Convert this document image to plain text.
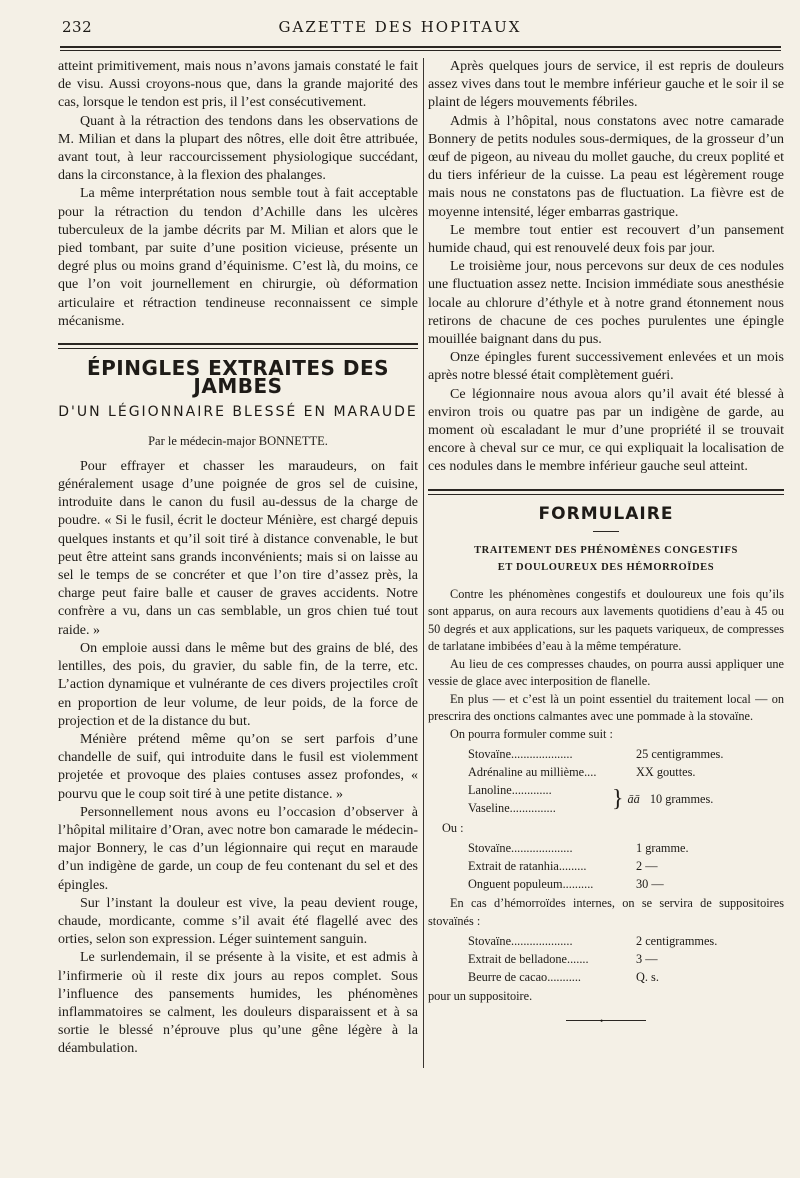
232	GAZETTE DES HOPITAUX

atteint primitivement, mais nous n’avons jamais constaté le fait de visu. Aussi croyons-nous que, dans la grande majorité des cas, lorsque le tendon est pris, il l’est consécutivement.

Quant à la rétraction des tendons dans les observations de M. Milian et dans la plupart des nôtres, elle doit être attribuée, avant tout, à leur raccourcissement physiologique succédant, dans la circonstance, à la flexion des phalanges.

La même interprétation nous semble tout à fait acceptable pour la rétraction du tendon d’Achille dans les ulcères tuberculeux de la jambe décrits par M. Milian et alors que le pied tombant, par suite d’une position vicieuse, présente un degré plus ou moins grand d’équinisme. C’est là, du moins, ce que l’on voit journellement en chirurgie, où déformation articulaire et rétraction tendineuse reconnaissent ce simple mécanisme.

ÉPINGLES EXTRAITES DES JAMBES
D'UN LÉGIONNAIRE BLESSÉ EN MARAUDE
Par le médecin-major BONNETTE.

Pour effrayer et chasser les maraudeurs, on fait généralement usage d’une poignée de gros sel de cuisine, introduite dans le canon du fusil au-dessus de la charge de poudre. « Si le fusil, écrit le docteur Ménière, est chargé depuis quelques instants et qu’il soit tiré à distance convenable, le but peut être atteint sans grands inconvénients; mais si on laisse au sel le temps de se concréter et que l’on tire d’assez près, la charge peut faire balle et causer de graves accidents. Notre confrère a vu, dans un cas semblable, un gros chien tué tout raide. »

On emploie aussi dans le même but des grains de blé, des lentilles, des pois, du gravier, du sable fin, de la terre, etc. L’action dynamique et vulnérante de ces divers projectiles croît en proportion de leur volume, de leur poids, de la force de projection et de la distance du but.

Ménière prétend même qu’on se sert parfois d’une chandelle de suif, qui introduite dans le fusil est violemment projetée et provoque des plaies contuses assez profondes, « pourvu que le coup soit tiré à une petite distance. »

Personnellement nous avons eu l’occasion d’observer à l’hôpital militaire d’Oran, avec notre bon camarade le médecin-major Bonnery, le cas d’un légionnaire qui reçut en maraude d’un indigène de garde, un coup de feu contenant du sel et des épingles.

Sur l’instant la douleur est vive, la peau devient rouge, chaude, mordicante, comme s’il avait été flagellé avec des orties, selon son expression. Léger suintement sanguin.

Le surlendemain, il se présente à la visite, et est admis à l’infirmerie où il reste dix jours au repos complet. Sous l’influence des pansements humides, les phénomènes inflammatoires se calment, les douleurs disparaissent et à sa sortie le blessé n’éprouve plus qu’une gêne légère à la déambulation.

Après quelques jours de service, il est repris de douleurs assez vives dans tout le membre inférieur gauche et le soir il se plaint de légers mouvements fébriles.

Admis à l’hôpital, nous constatons avec notre camarade Bonnery de petits nodules sous-dermiques, de la grosseur d’un œuf de pigeon, au niveau du mollet gauche, du creux poplité et du tiers inférieur de la cuisse. La peau est légèrement rouge mais nous ne constatons pas de fluctuation. La fièvre est de moyenne intensité, léger embarras gastrique.

Le membre tout entier est recouvert d’un pansement humide chaud, qui est renouvelé deux fois par jour.

Le troisième jour, nous percevons sur deux de ces nodules une fluctuation assez nette. Incision immédiate sous anesthésie locale au chlorure d’éthyle et à notre grand étonnement nous retirons de chacune de ces poches purulentes une épingle mouillée baignant dans du pus.

Onze épingles furent successivement enlevées et un mois après notre blessé était complètement guéri.

Ce légionnaire nous avoua alors qu’il avait été blessé à environ trois ou quatre pas par un indigène de garde, au moment où escaladant le mur d’une propriété il se trouvait encore à cheval sur ce mur, ce qui expliquait la localisation de ces nodules dans le membre inférieur gauche seul atteint.

FORMULAIRE
TRAITEMENT DES PHÉNOMÈNES CONGESTIFS
ET DOULOUREUX DES HÉMORROÏDES

Contre les phénomènes congestifs et douloureux une fois qu’ils sont apparus, on aura recours aux lavements quotidiens d’eau à 45 ou 50 degrés et aux applications, sur les paquets variqueux, de compresses de tarlatane imbibées d’eau à la même température.

Au lieu de ces compresses chaudes, on pourra aussi appliquer une vessie de glace avec interposition de flanelle.

En plus — et c’est là un point essentiel du traitement local — on prescrira des onctions calmantes avec une pommade à la stovaïne.

On pourra formuler comme suit :

Stovaïne....................	25 centigrammes.
Adrénaline au millième....	XX gouttes.
Lanoline.............
Vaseline...............	} āā 10 grammes.
Ou :
Stovaïne....................	1 gramme.
Extrait de ratanhia.........	2 —
Onguent populeum..........	30 —

En cas d’hémorroïdes internes, on se servira de suppositoires stovaïnés :

Stovaïne....................	2 centigrammes.
Extrait de belladone.......	3 —
Beurre de cacao...........	Q. s.

pour un suppositoire.

•
